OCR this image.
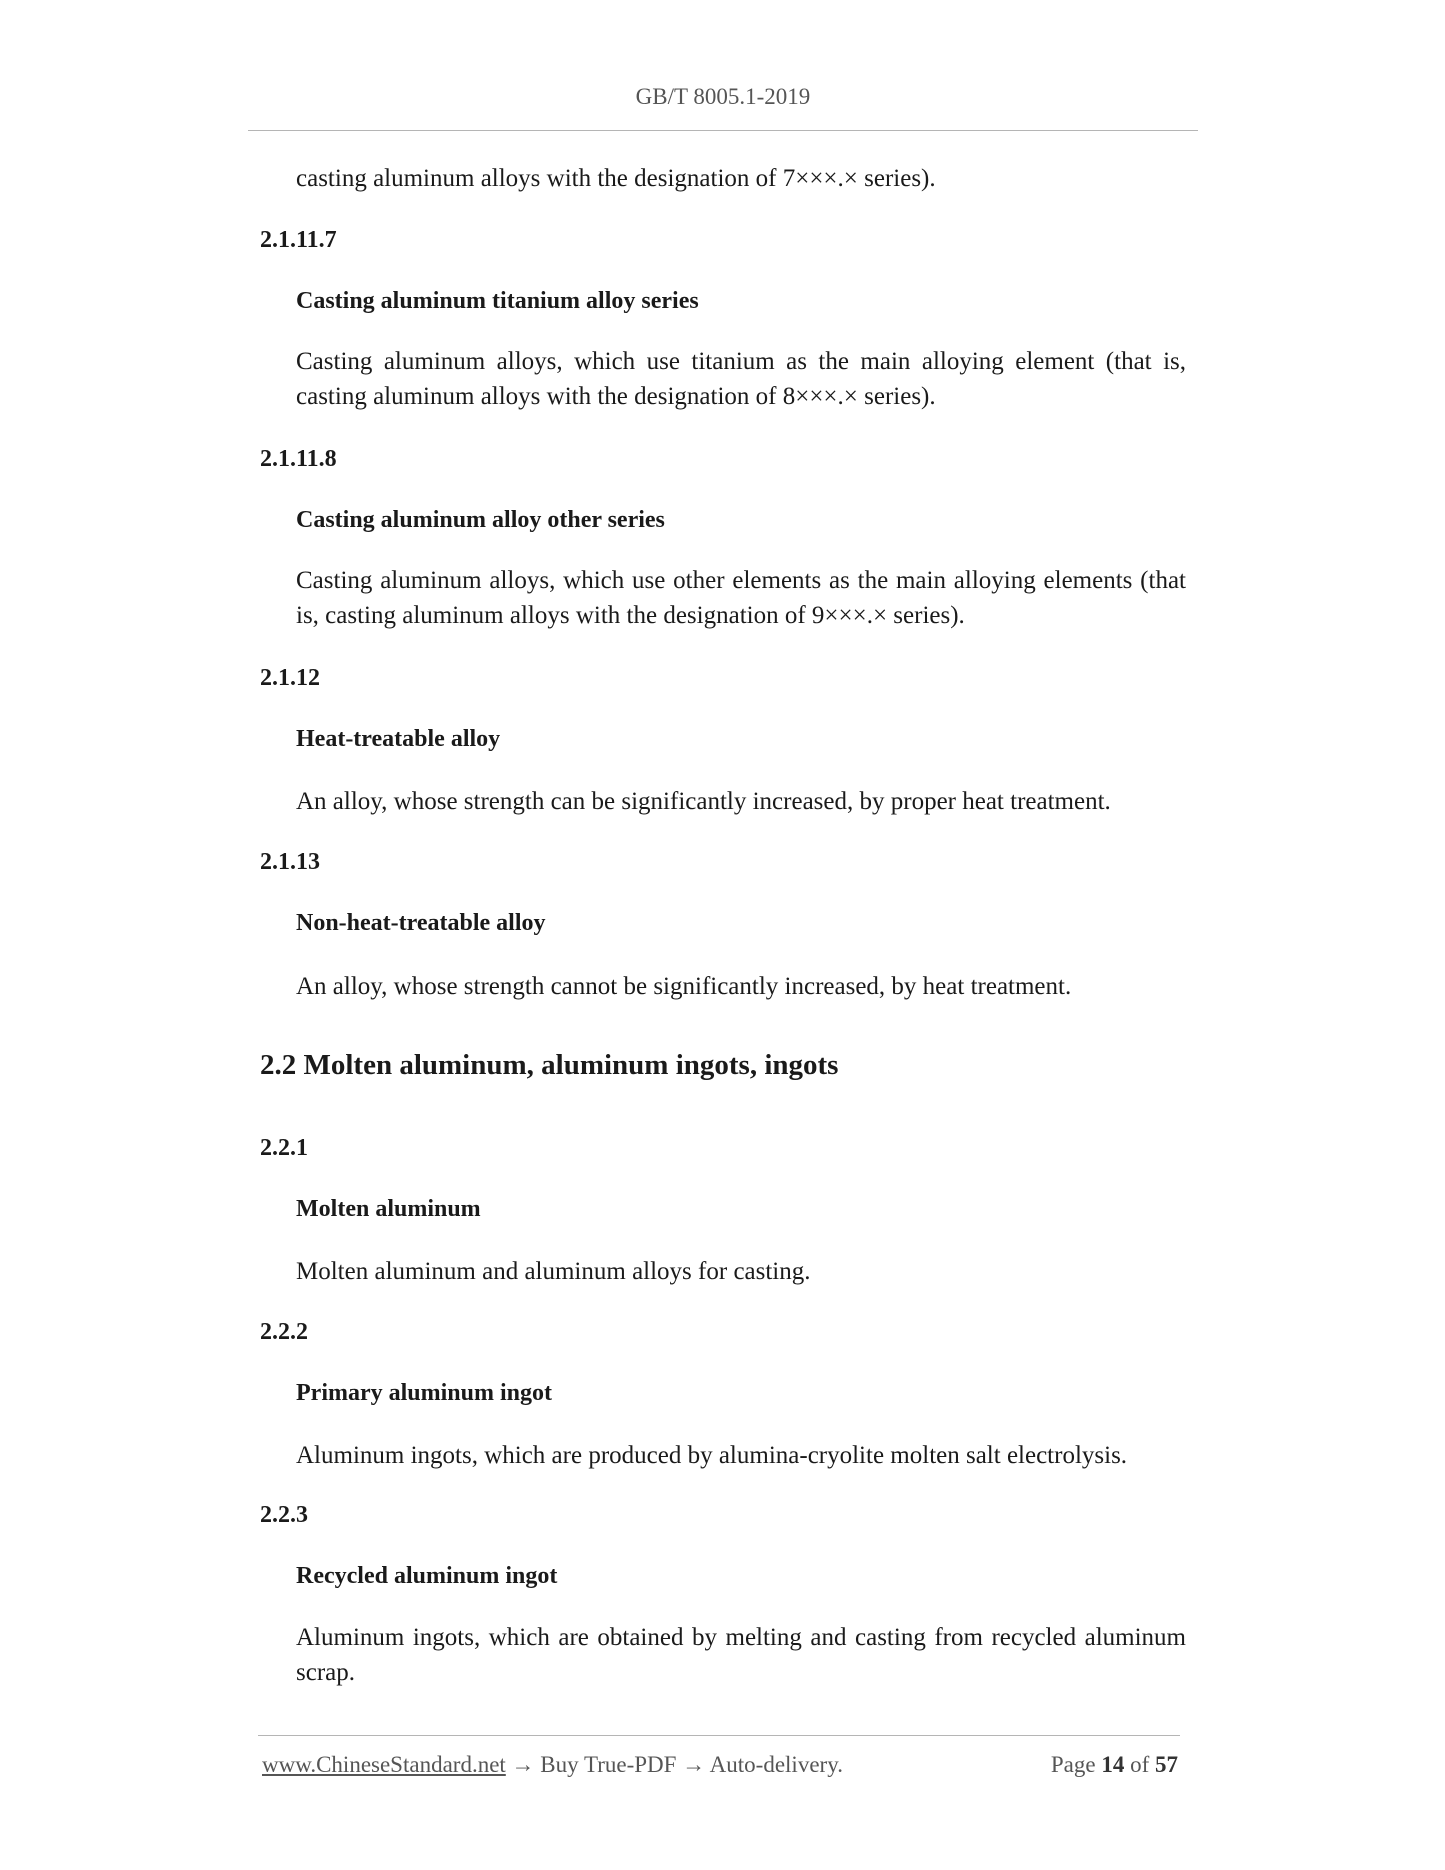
GB/T 8005.1-2019

casting aluminum alloys with the designation of 7×××.× series).

2.1.11.7
Casting aluminum titanium alloy series

Casting aluminum alloys, which use titanium as the main alloying element (that is, casting aluminum alloys with the designation of 8×××.× series).

2.1.11.8
Casting aluminum alloy other series

Casting aluminum alloys, which use other elements as the main alloying elements (that is, casting aluminum alloys with the designation of 9×××.× series).

2.1.12
Heat-treatable alloy

An alloy, whose strength can be significantly increased, by proper heat treatment.

2.1.13
Non-heat-treatable alloy

An alloy, whose strength cannot be significantly increased, by heat treatment.

2.2 Molten aluminum, aluminum ingots, ingots
2.2.1
Molten aluminum

Molten aluminum and aluminum alloys for casting.

2.2.2
Primary aluminum ingot

Aluminum ingots, which are produced by alumina-cryolite molten salt electrolysis.

2.2.3
Recycled aluminum ingot

Aluminum ingots, which are obtained by melting and casting from recycled aluminum scrap.

www.ChineseStandard.net → Buy True-PDF → Auto-delivery.	Page 14 of 57
